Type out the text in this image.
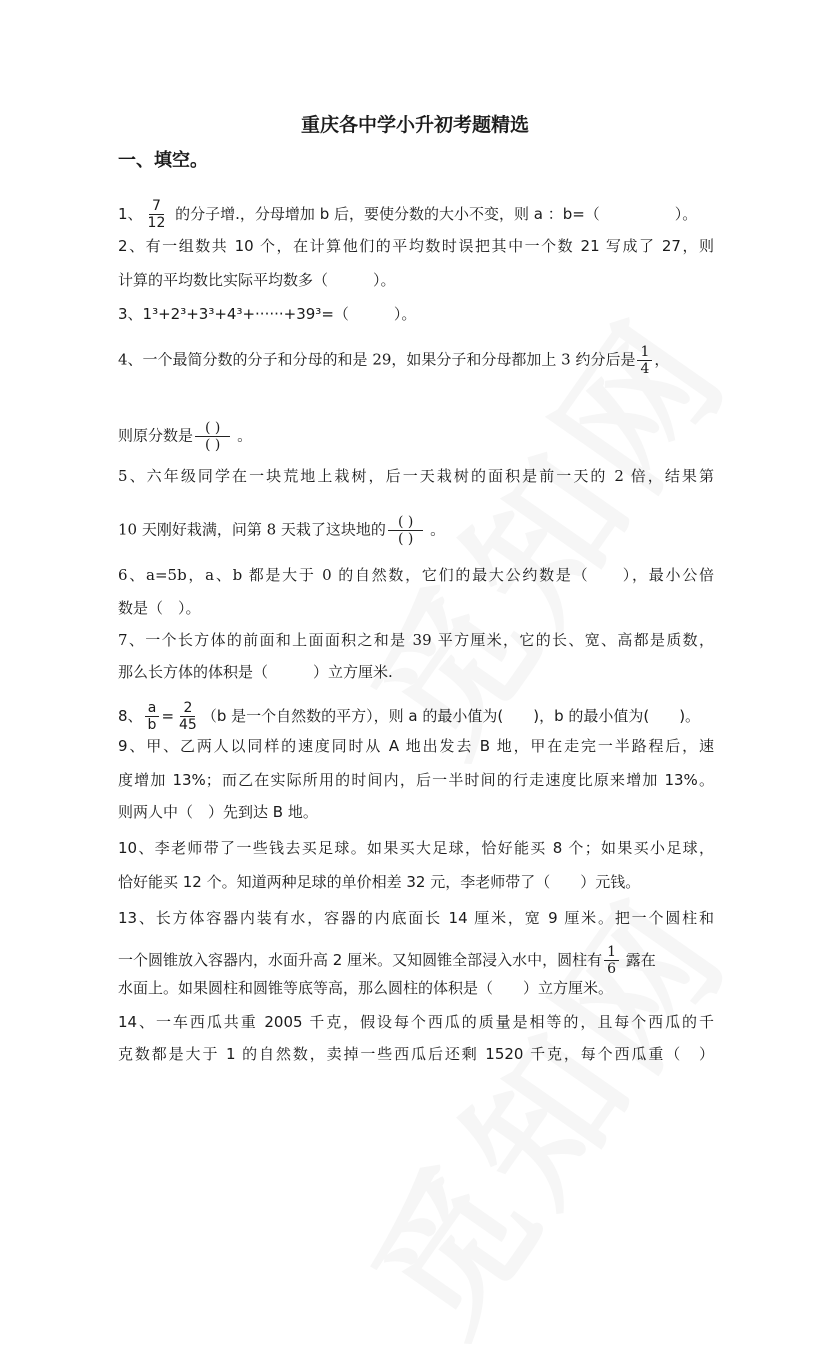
重庆各中学小升初考题精选
一、填空。
1、 $\frac{7}{12}$ 的分子增.，分母增加 b 后，要使分数的大小不变，则 a ：b=（　　　　　）。
2、有一组数共 10 个，在计算他们的平均数时误把其中一个数 21 写成了 27，则
计算的平均数比实际平均数多（　　　）。
3、1³+2³+3³+4³+······+39³=（　　　）。
4、一个最简分数的分子和分母的和是 29，如果分子和分母都加上 3 约分后是 $\frac{1}{4}$ ，
则原分数是 $\frac{( )}{( )}$ 。
5、六年级同学在一块荒地上栽树，后一天栽树的面积是前一天的 2 倍，结果第
10 天刚好栽满，问第 8 天栽了这块地的 $\frac{( )}{( )}$ 。
6、a=5b，a、b 都是大于 0 的自然数，它们的最大公约数是（　　），最小公倍
数是（　）。
7、一个长方体的前面和上面面积之和是 39 平方厘米，它的长、宽、高都是质数，
那么长方体的体积是（　　　）立方厘米.
8、 $\frac{a}{b} = \frac{2}{45} (b$ 是一个自然数的平方），则 a 的最小值为(　　)，b 的最小值为(　　)。
9、甲、乙两人以同样的速度同时从 A 地出发去 B 地，甲在走完一半路程后，速
度增加 13%；而乙在实际所用的时间内，后一半时间的行走速度比原来增加 13%。
则两人中（　）先到达 B 地。
10、李老师带了一些钱去买足球。如果买大足球，恰好能买 8 个；如果买小足球，
恰好能买 12 个。知道两种足球的单价相差 32 元，李老师带了（　　）元钱。
13、长方体容器内装有水，容器的内底面长 14 厘米，宽 9 厘米。把一个圆柱和
一个圆锥放入容器内，水面升高 2 厘米。又知圆锥全部浸入水中，圆柱有 $\frac{1}{6}$ 露在
水面上。如果圆柱和圆锥等底等高，那么圆柱的体积是（　　）立方厘米。
14、一车西瓜共重 2005 千克，假设每个西瓜的质量是相等的，且每个西瓜的千
克数都是大于 1 的自然数，卖掉一些西瓜后还剩 1520 千克，每个西瓜重（　）
